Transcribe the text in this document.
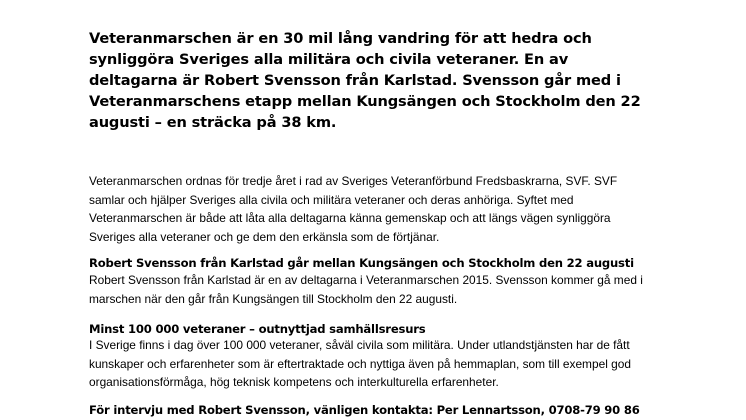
Veteranmarschen är en 30 mil lång vandring för att hedra och synliggöra Sveriges alla militära och civila veteraner. En av deltagarna är Robert Svensson från Karlstad. Svensson går med i Veteranmarschens etapp mellan Kungsängen och Stockholm den 22 augusti – en sträcka på 38 km.

Veteranmarschen ordnas för tredje året i rad av Sveriges Veteranförbund Fredsbaskrarna, SVF. SVF samlar och hjälper Sveriges alla civila och militära veteraner och deras anhöriga. Syftet med Veteranmarschen är både att låta alla deltagarna känna gemenskap och att längs vägen synliggöra Sveriges alla veteraner och ge dem den erkänsla som de förtjänar.

Robert Svensson från Karlstad går mellan Kungsängen och Stockholm den 22 augusti

Robert Svensson från Karlstad är en av deltagarna i Veteranmarschen 2015. Svensson kommer gå med i marschen när den går från Kungsängen till Stockholm den 22 augusti.

Minst 100 000 veteraner – outnyttjad samhällsresurs

I Sverige finns i dag över 100 000 veteraner, såväl civila som militära. Under utlandstjänsten har de fått kunskaper och erfarenheter som är eftertraktade och nyttiga även på hemmaplan, som till exempel god organisationsförmåga, hög teknisk kompetens och interkulturella erfarenheter.

För intervju med Robert Svensson, vänligen kontakta: Per Lennartsson, 0708-79 90 86
